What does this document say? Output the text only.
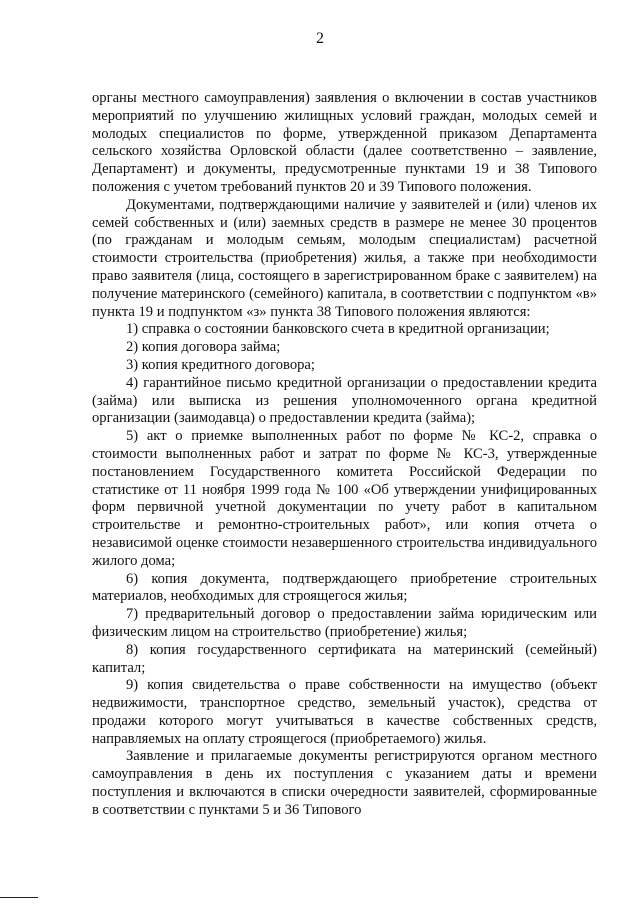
2

органы местного самоуправления) заявления о включении в состав участников мероприятий по улучшению жилищных условий граждан, молодых семей и молодых специалистов по форме, утвержденной приказом Департамента сельского хозяйства Орловской области (далее соответственно – заявление, Департамент) и документы, предусмотренные пунктами 19 и 38 Типового положения с учетом требований пунктов 20 и 39 Типового положения.

Документами, подтверждающими наличие у заявителей и (или) членов их семей собственных и (или) заемных средств в размере не менее 30 процентов (по гражданам и молодым семьям, молодым специалистам) расчетной стоимости строительства (приобретения) жилья, а также при необходимости право заявителя (лица, состоящего в зарегистрированном браке с заявителем) на получение материнского (семейного) капитала, в соответствии с подпунктом «в» пункта 19 и подпунктом «з» пункта 38 Типового положения являются:

1) справка о состоянии банковского счета в кредитной организации;

2) копия договора займа;

3) копия кредитного договора;

4) гарантийное письмо кредитной организации о предоставлении кредита (займа) или выписка из решения уполномоченного органа кредитной организации (заимодавца) о предоставлении кредита (займа);

5) акт о приемке выполненных работ по форме № КС-2, справка о стоимости выполненных работ и затрат по форме № КС-3, утвержденные постановлением Государственного комитета Российской Федерации по статистике от 11 ноября 1999 года № 100 «Об утверждении унифицированных форм первичной учетной документации по учету работ в капитальном строительстве и ремонтно-строительных работ», или копия отчета о независимой оценке стоимости незавершенного строительства индивидуального жилого дома;

6) копия документа, подтверждающего приобретение строительных материалов, необходимых для строящегося жилья;

7) предварительный договор о предоставлении займа юридическим или физическим лицом на строительство (приобретение) жилья;

8) копия государственного сертификата на материнский (семейный) капитал;

9) копия свидетельства о праве собственности на имущество (объект недвижимости, транспортное средство, земельный участок), средства от продажи которого могут учитываться в качестве собственных средств, направляемых на оплату строящегося (приобретаемого) жилья.

Заявление и прилагаемые документы регистрируются органом местного самоуправления в день их поступления с указанием даты и времени поступления и включаются в списки очередности заявителей, сформированные в соответствии с пунктами 5 и 36 Типового
